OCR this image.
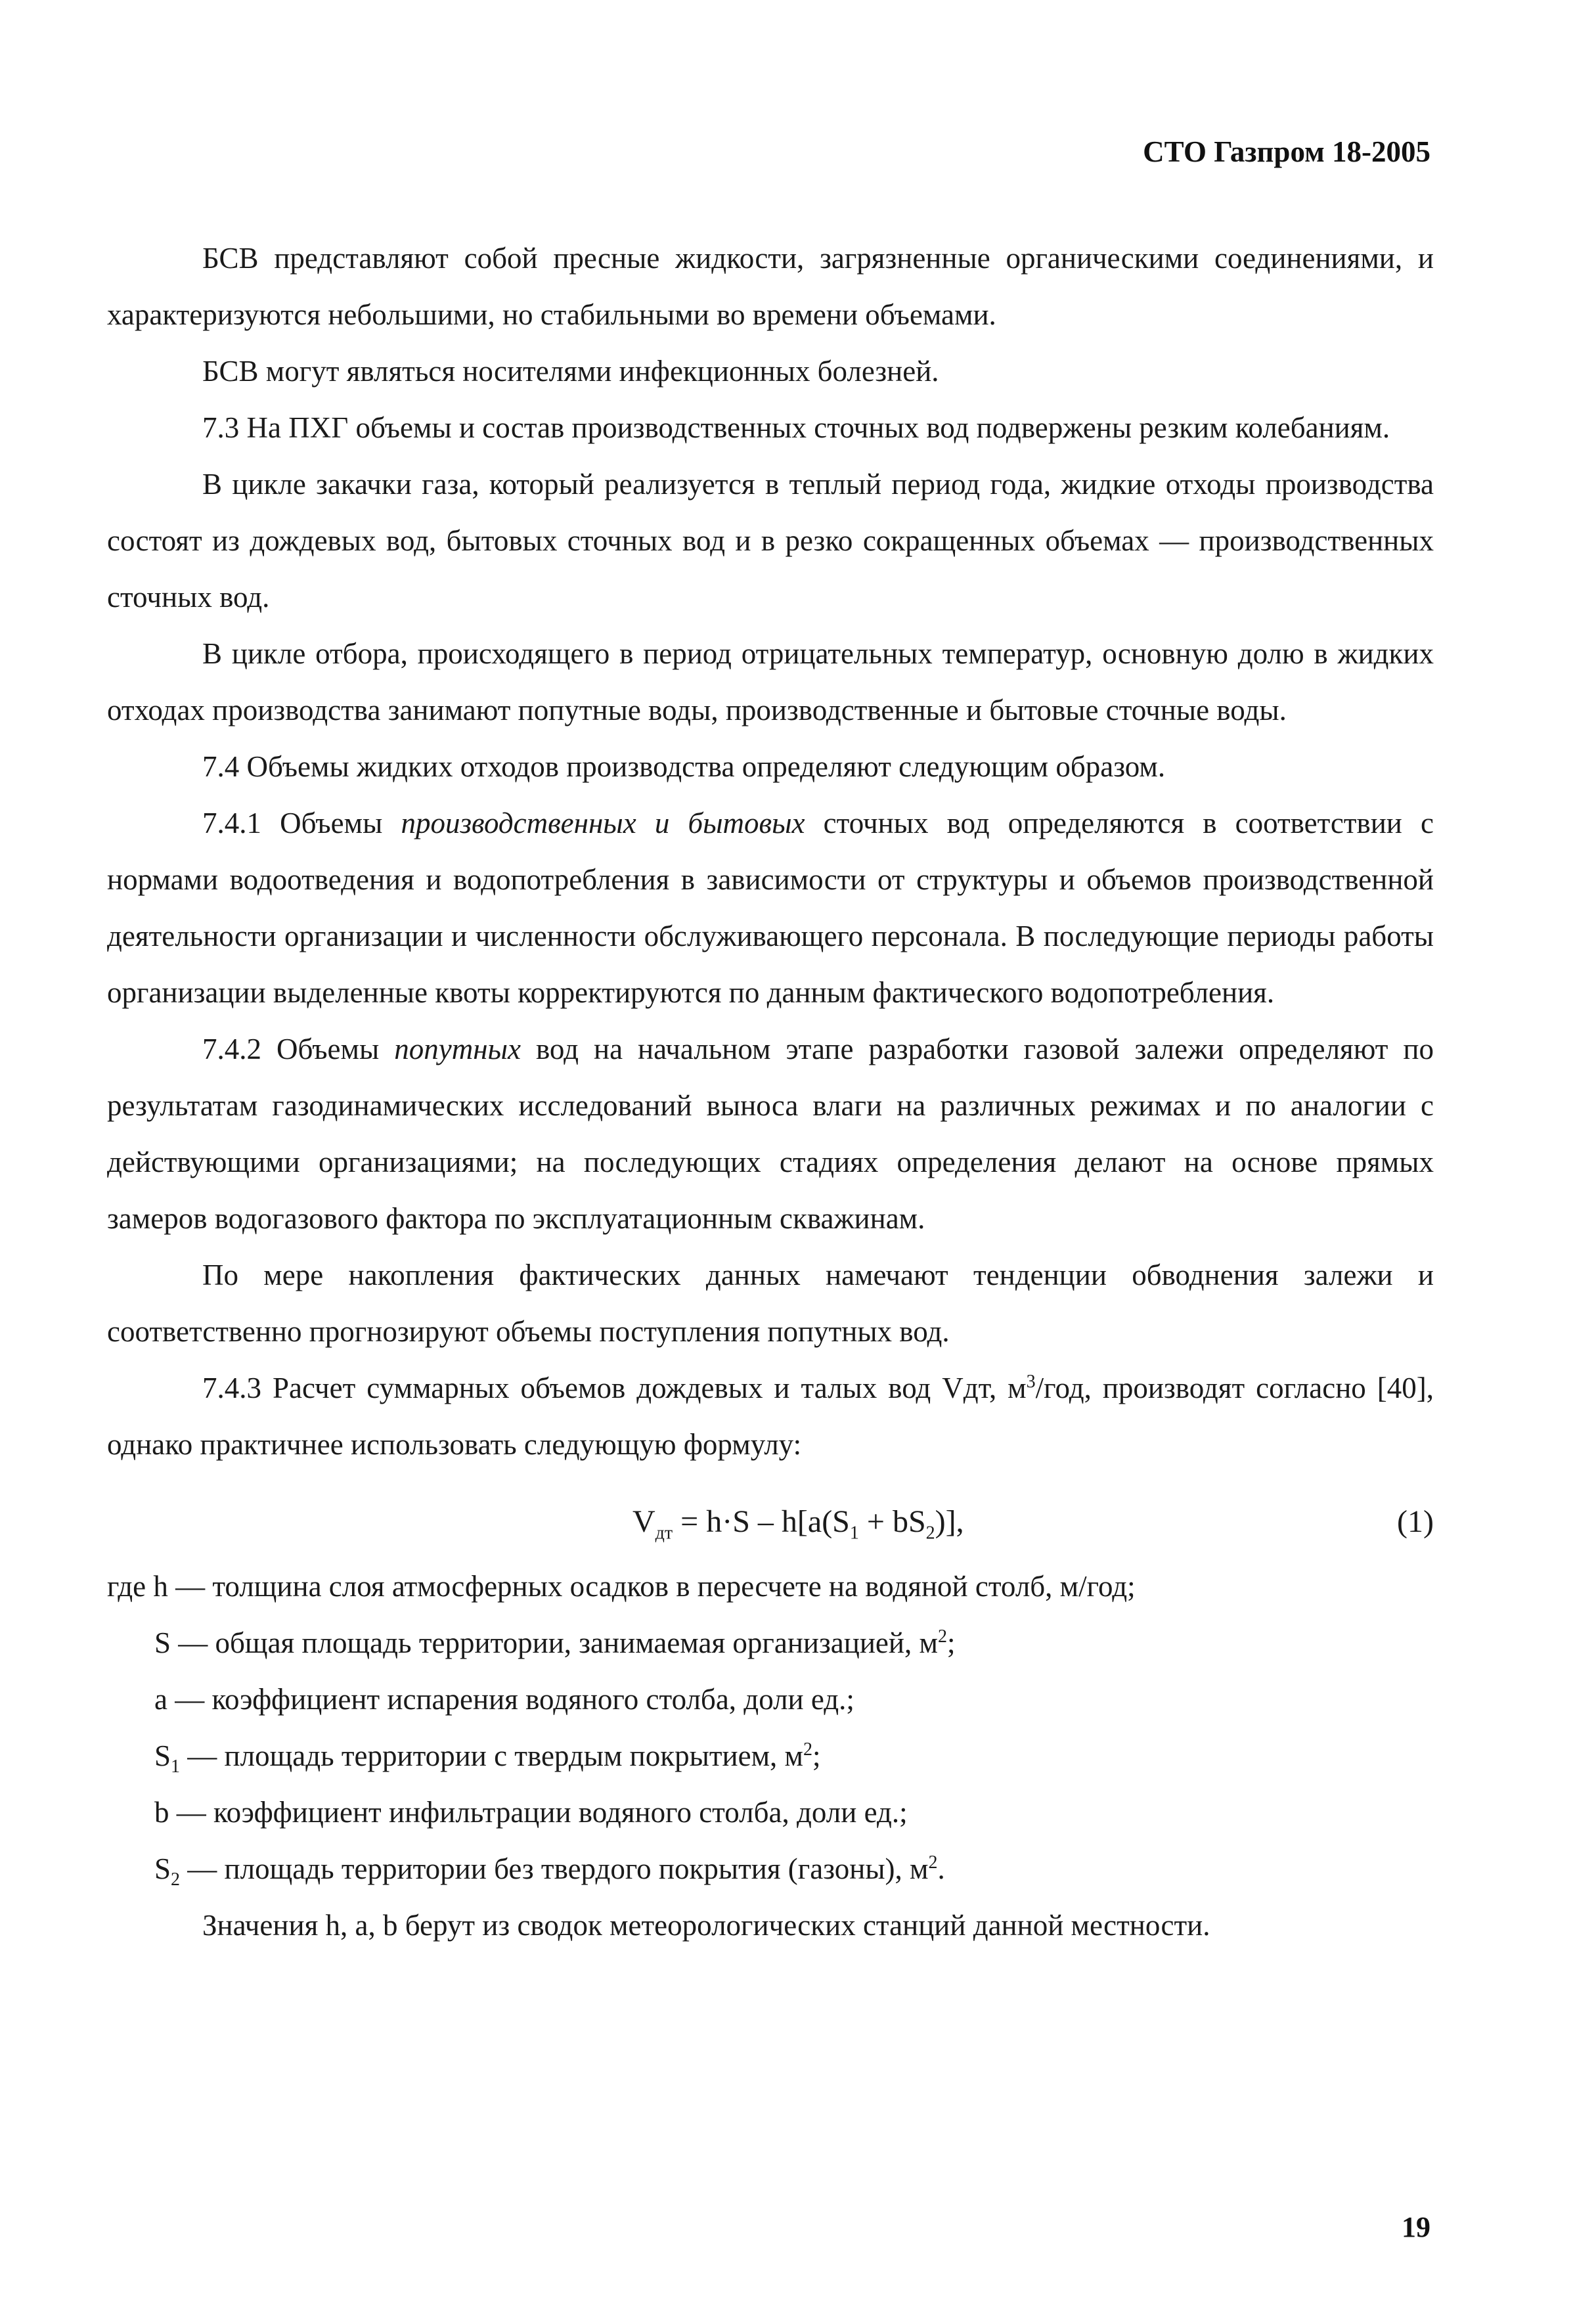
СТО Газпром 18-2005

БСВ представляют собой пресные жидкости, загрязненные органическими соединениями, и характеризуются небольшими, но стабильными во времени объемами.

БСВ могут являться носителями инфекционных болезней.

7.3 На ПХГ объемы и состав производственных сточных вод подвержены резким колебаниям.

В цикле закачки газа, который реализуется в теплый период года, жидкие отходы производства состоят из дождевых вод, бытовых сточных вод и в резко сокращенных объемах — производственных сточных вод.

В цикле отбора, происходящего в период отрицательных температур, основную долю в жидких отходах производства занимают попутные воды, производственные и бытовые сточные воды.

7.4 Объемы жидких отходов производства определяют следующим образом.

7.4.1 Объемы производственных и бытовых сточных вод определяются в соответствии с нормами водоотведения и водопотребления в зависимости от структуры и объемов производственной деятельности организации и численности обслуживающего персонала. В последующие периоды работы организации выделенные квоты корректируются по данным фактического водопотребления.

7.4.2 Объемы попутных вод на начальном этапе разработки газовой залежи определяют по результатам газодинамических исследований выноса влаги на различных режимах и по аналогии с действующими организациями; на последующих стадиях определения делают на основе прямых замеров водогазового фактора по эксплуатационным скважинам.

По мере накопления фактических данных намечают тенденции обводнения залежи и соответственно прогнозируют объемы поступления попутных вод.

7.4.3 Расчет суммарных объемов дождевых и талых вод Vдт, $м^3$/год, производят согласно [40], однако практичнее использовать следующую формулу:

$V_{дт} = h\cdot S - h[a(S_1 + bS_2)]$,	(1)

где h — толщина слоя атмосферных осадков в пересчете на водяной столб, м/год;

S — общая площадь территории, занимаемая организацией, $м^2$;

a — коэффициент испарения водяного столба, доли ед.;

$S_1$ — площадь территории с твердым покрытием, $м^2$;

b — коэффициент инфильтрации водяного столба, доли ед.;

$S_2$ — площадь территории без твердого покрытия (газоны), $м^2$.

Значения h, a, b берут из сводок метеорологических станций данной местности.

19
